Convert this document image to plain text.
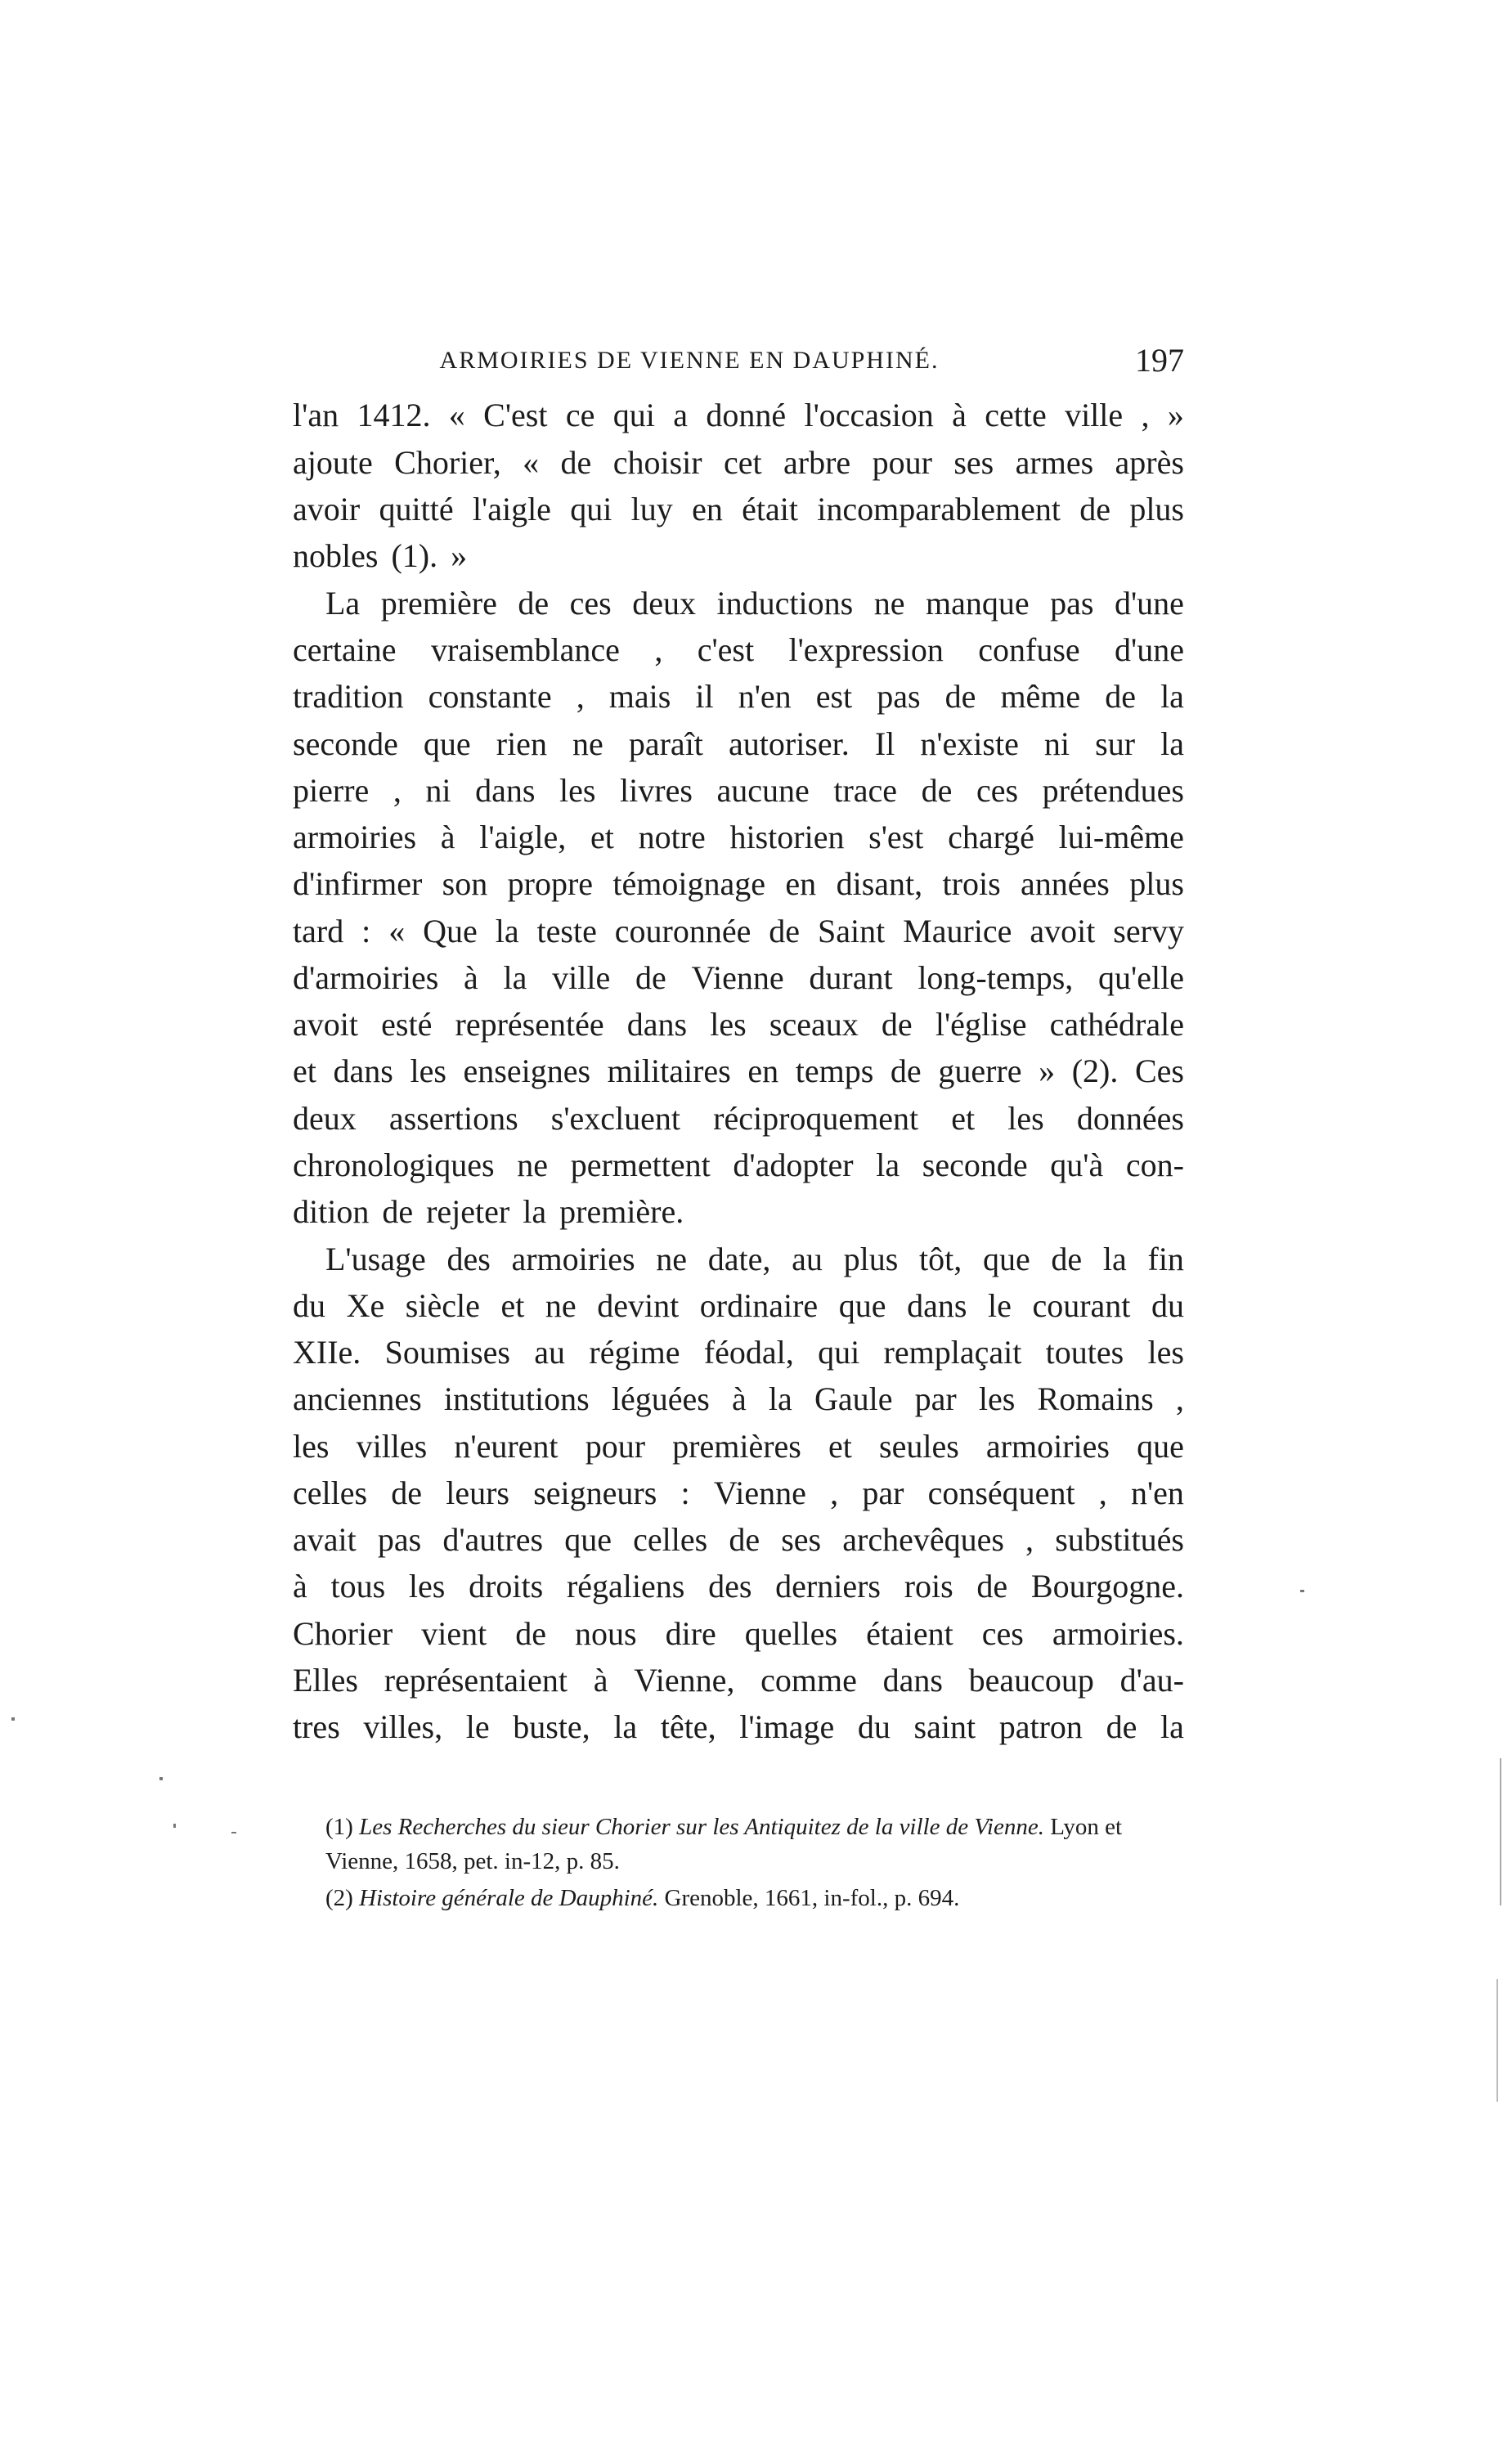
ARMOIRIES DE VIENNE EN DAUPHINÉ.	197
l'an 1412. « C'est ce qui a donné l'occasion à cette ville , »
ajoute Chorier, « de choisir cet arbre pour ses armes après
avoir quitté l'aigle qui luy en était incomparablement de plus
nobles (1). »
La première de ces deux inductions ne manque pas d'une
certaine vraisemblance , c'est l'expression confuse d'une
tradition constante , mais il n'en est pas de même de la
seconde que rien ne paraît autoriser. Il n'existe ni sur la
pierre , ni dans les livres aucune trace de ces prétendues
armoiries à l'aigle, et notre historien s'est chargé lui-même
d'infirmer son propre témoignage en disant, trois années plus
tard : « Que la teste couronnée de Saint Maurice avoit servy
d'armoiries à la ville de Vienne durant long-temps, qu'elle
avoit esté représentée dans les sceaux de l'église cathédrale
et dans les enseignes militaires en temps de guerre » (2). Ces
deux assertions s'excluent réciproquement et les données
chronologiques ne permettent d'adopter la seconde qu'à con-
dition de rejeter la première.
L'usage des armoiries ne date, au plus tôt, que de la fin
du Xe siècle et ne devint ordinaire que dans le courant du
XIIe. Soumises au régime féodal, qui remplaçait toutes les
anciennes institutions léguées à la Gaule par les Romains ,
les villes n'eurent pour premières et seules armoiries que
celles de leurs seigneurs : Vienne , par conséquent , n'en
avait pas d'autres que celles de ses archevêques , substitués
à tous les droits régaliens des derniers rois de Bourgogne.
Chorier vient de nous dire quelles étaient ces armoiries.
Elles représentaient à Vienne, comme dans beaucoup d'au-
tres villes, le buste, la tête, l'image du saint patron de la
(1) Les Recherches du sieur Chorier sur les Antiquitez de la ville de Vienne. Lyon et Vienne, 1658, pet. in-12, p. 85.
(2) Histoire générale de Dauphiné. Grenoble, 1661, in-fol., p. 694.
